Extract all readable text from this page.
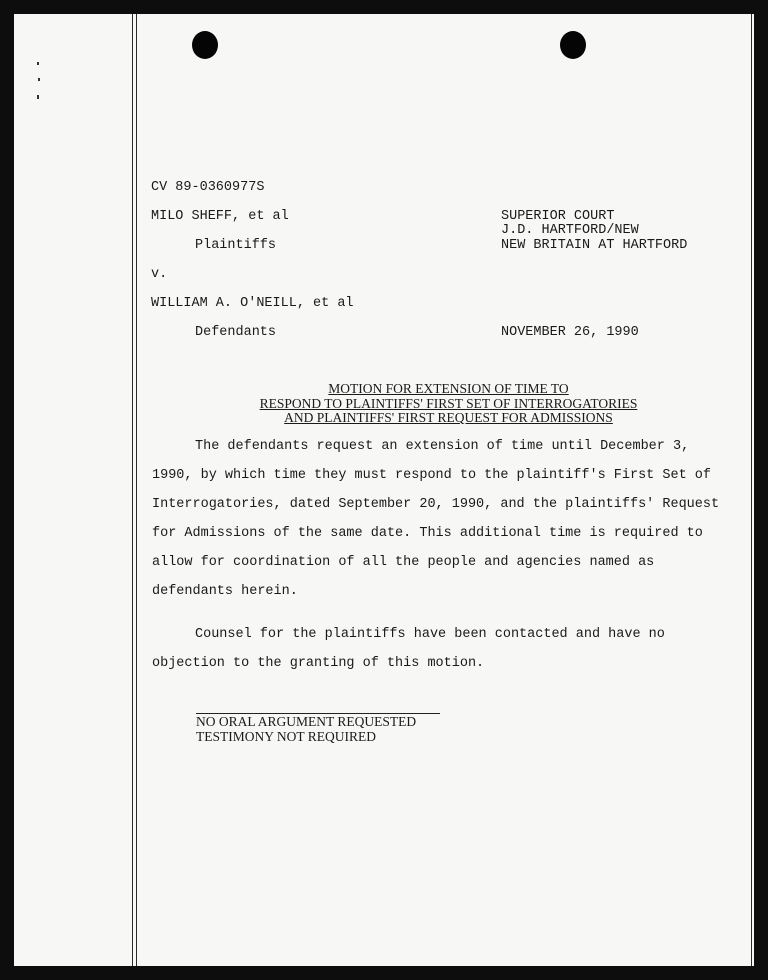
CV 89-0360977S
MILO SHEFF, et al
Plaintiffs
v.
WILLIAM A. O'NEILL, et al
Defendants
SUPERIOR COURT
J.D. HARTFORD/NEW
NEW BRITAIN AT HARTFORD
NOVEMBER 26, 1990
MOTION FOR EXTENSION OF TIME TO
RESPOND TO PLAINTIFFS' FIRST SET OF INTERROGATORIES
AND PLAINTIFFS' FIRST REQUEST FOR ADMISSIONS

The defendants request an extension of time until December 3, 1990, by which time they must respond to the plaintiff's First Set of Interrogatories, dated September 20, 1990, and the plaintiffs' Request for Admissions of the same date. This additional time is required to allow for coordination of all the people and agencies named as defendants herein.

Counsel for the plaintiffs have been contacted and have no objection to the granting of this motion.

NO ORAL ARGUMENT REQUESTED
TESTIMONY NOT REQUIRED
